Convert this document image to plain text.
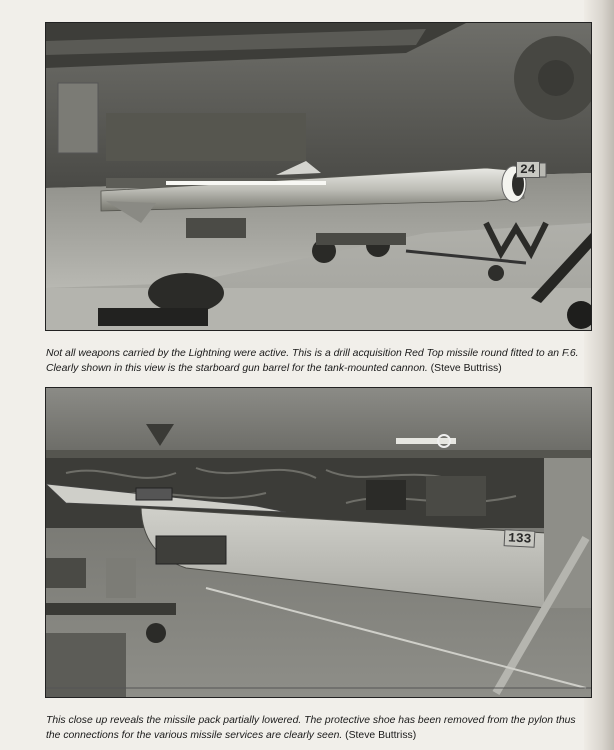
24
Not all weapons carried by the Lightning were active. This is a drill acquisition Red Top missile round fitted to an F.6.
Clearly shown in this view is the starboard gun barrel for the tank-mounted cannon. (Steve Buttriss)
133
This close up reveals the missile pack partially lowered. The protective shoe has been removed from the pylon thus
the connections for the various missile services are clearly seen. (Steve Buttriss)
